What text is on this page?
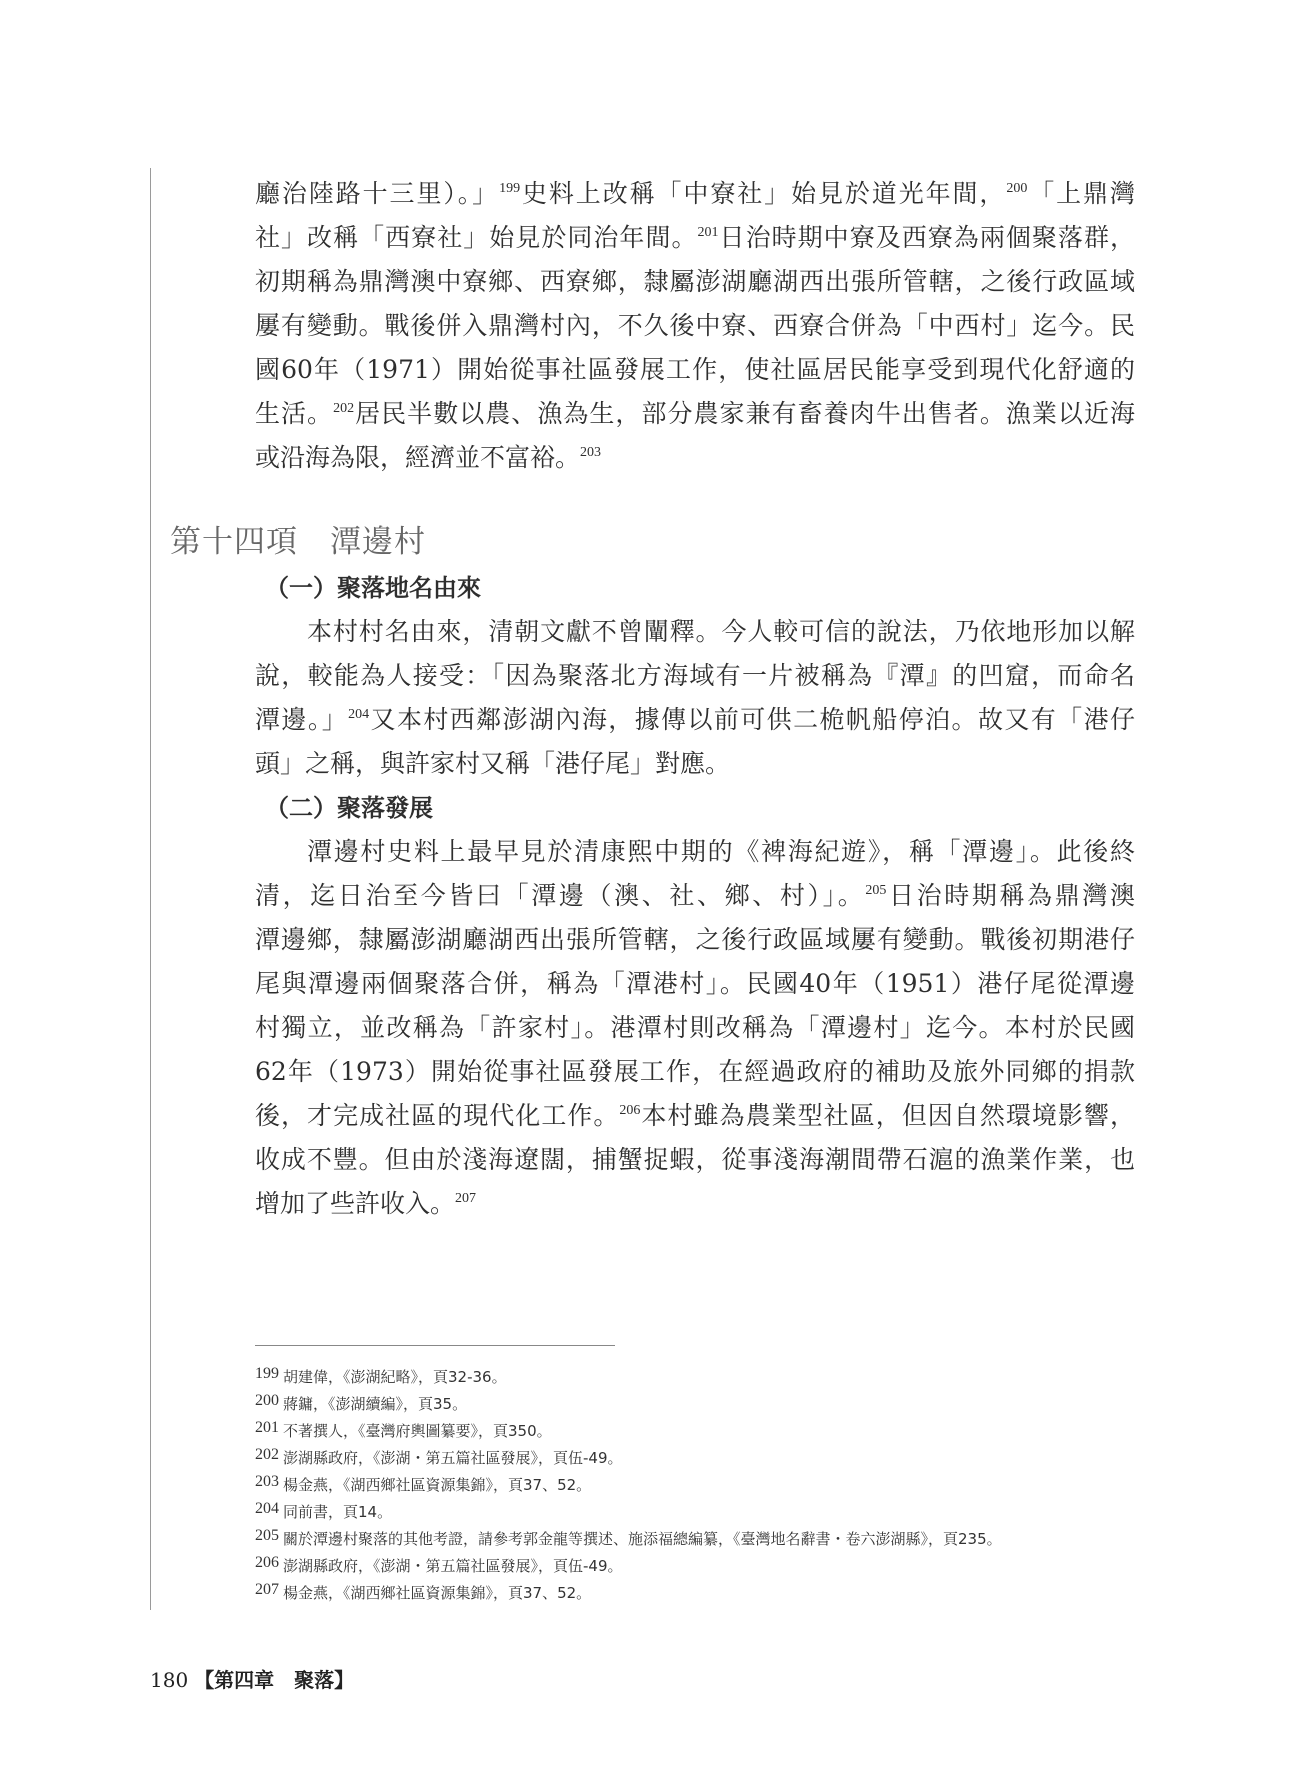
廳治陸路十三里）。」$^{199}$史料上改稱「中寮社」始見於道光年間，$^{200}$「上鼎灣
社」改稱「西寮社」始見於同治年間。$^{201}$日治時期中寮及西寮為兩個聚落群，
初期稱為鼎灣澳中寮鄉、西寮鄉，隸屬澎湖廳湖西出張所管轄，之後行政區域
屢有變動。戰後併入鼎灣村內，不久後中寮、西寮合併為「中西村」迄今。民
國60年（1971）開始從事社區發展工作，使社區居民能享受到現代化舒適的
生活。$^{202}$居民半數以農、漁為生，部分農家兼有畜養肉牛出售者。漁業以近海
或沿海為限，經濟並不富裕。$^{203}$
第十四項　潭邊村
（一）聚落地名由來
本村村名由來，清朝文獻不曾闡釋。今人較可信的說法，乃依地形加以解
說，較能為人接受：「因為聚落北方海域有一片被稱為『潭』的凹窟，而命名
潭邊。」$^{204}$又本村西鄰澎湖內海，據傳以前可供二桅帆船停泊。故又有「港仔
頭」之稱，與許家村又稱「港仔尾」對應。
（二）聚落發展
潭邊村史料上最早見於清康熙中期的《裨海紀遊》，稱「潭邊」。此後終
清，迄日治至今皆曰「潭邊（澳、社、鄉、村）」。$^{205}$日治時期稱為鼎灣澳
潭邊鄉，隸屬澎湖廳湖西出張所管轄，之後行政區域屢有變動。戰後初期港仔
尾與潭邊兩個聚落合併，稱為「潭港村」。民國40年（1951）港仔尾從潭邊
村獨立，並改稱為「許家村」。港潭村則改稱為「潭邊村」迄今。本村於民國
62年（1973）開始從事社區發展工作，在經過政府的補助及旅外同鄉的捐款
後，才完成社區的現代化工作。$^{206}$本村雖為農業型社區，但因自然環境影響，
收成不豐。但由於淺海遼闊，捕蟹捉蝦，從事淺海潮間帶石滬的漁業作業，也
增加了些許收入。$^{207}$
199 胡建偉，《澎湖紀略》，頁32-36。
200 蔣鏞，《澎湖續編》，頁35。
201 不著撰人，《臺灣府輿圖纂要》，頁350。
202 澎湖縣政府，《澎湖・第五篇社區發展》，頁伍-49。
203 楊金燕，《湖西鄉社區資源集錦》，頁37、52。
204 同前書，頁14。
205 關於潭邊村聚落的其他考證，請參考郭金龍等撰述、施添福總編纂，《臺灣地名辭書・卷六澎湖縣》，頁235。
206 澎湖縣政府，《澎湖・第五篇社區發展》，頁伍-49。
207 楊金燕，《湖西鄉社區資源集錦》，頁37、52。
180 【第四章　聚落】
